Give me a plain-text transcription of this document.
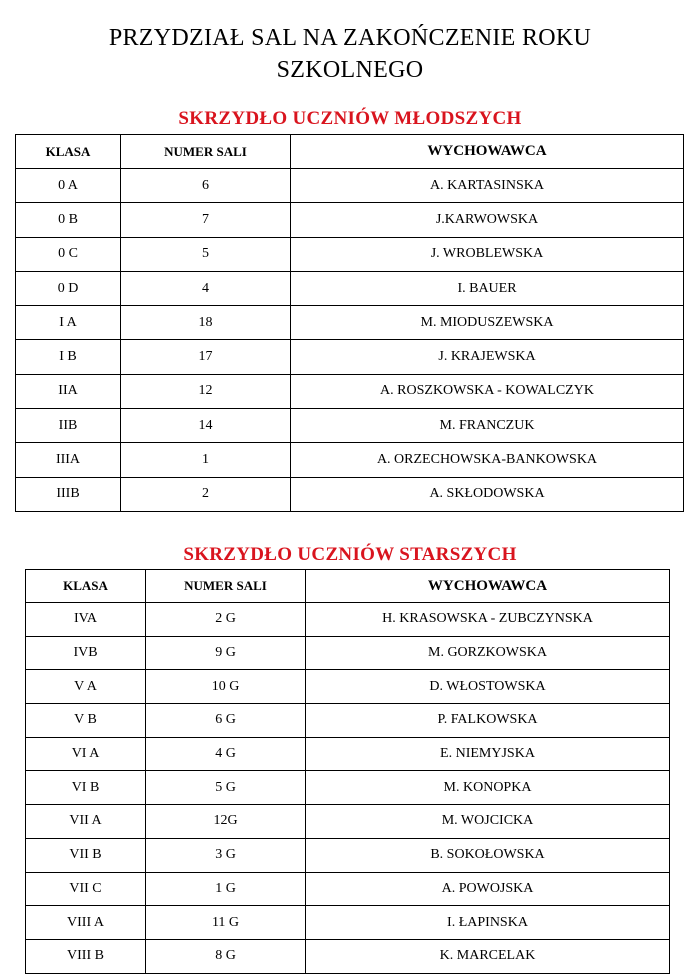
PRZYDZIAŁ SAL NA ZAKOŃCZENIE ROKU
SZKOLNEGO
SKRZYDŁO UCZNIÓW MŁODSZYCH
KLASA	NUMER SALI	WYCHOWAWCA
0 A	6	A. KARTASINSKA
0 B	7	J.KARWOWSKA
0 C	5	J. WROBLEWSKA
0 D	4	I. BAUER
I A	18	M. MIODUSZEWSKA
I B	17	J. KRAJEWSKA
IIA	12	A. ROSZKOWSKA - KOWALCZYK
IIB	14	M. FRANCZUK
IIIA	1	A. ORZECHOWSKA-BANKOWSKA
IIIB	2	A. SKŁODOWSKA
SKRZYDŁO UCZNIÓW STARSZYCH
KLASA	NUMER SALI	WYCHOWAWCA
IVA	2 G	H. KRASOWSKA - ZUBCZYNSKA
IVB	9 G	M. GORZKOWSKA
V A	10 G	D. WŁOSTOWSKA
V B	6 G	P. FALKOWSKA
VI A	4 G	E. NIEMYJSKA
VI B	5 G	M. KONOPKA
VII A	12G	M. WOJCICKA
VII B	3 G	B. SOKOŁOWSKA
VII C	1 G	A. POWOJSKA
VIII A	11 G	I. ŁAPINSKA
VIII B	8 G	K. MARCELAK
